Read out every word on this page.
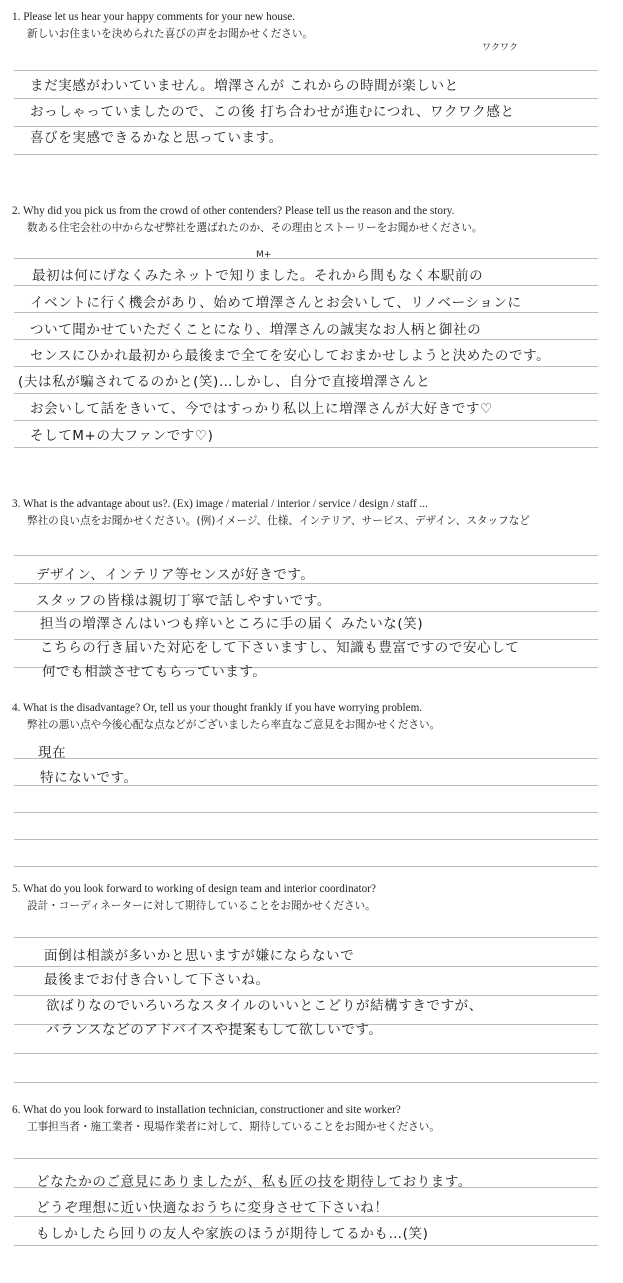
1. Please let us hear your happy comments for your new house.
新しいお住まいを決められた喜びの声をお聞かせください。
ワクワク
まだ実感がわいていません。増澤さんが これからの時間が楽しいと
おっしゃっていましたので、この後 打ち合わせが進むにつれ、ワクワク感と
喜びを実感できるかなと思っています。
2. Why did you pick us from the crowd of other contenders? Please tell us the reason and the story.
数ある住宅会社の中からなぜ弊社を選ばれたのか、その理由とストーリーをお聞かせください。
M+
最初は何にげなくみたネットで知りました。それから間もなく本駅前の
イベントに行く機会があり、始めて増澤さんとお会いして、リノベーションに
ついて聞かせていただくことになり、増澤さんの誠実なお人柄と御社の
センスにひかれ最初から最後まで全てを安心しておまかせしようと決めたのです。
(夫は私が騙されてるのかと(笑)…しかし、自分で直接増澤さんと
お会いして話をきいて、今ではすっかり私以上に増澤さんが大好きです♡
そしてM+の大ファンです♡)
3. What is the advantage about us?. (Ex) image / material / interior / service / design / staff ...
弊社の良い点をお聞かせください。(例)イメージ、仕様、インテリア、サービス、デザイン、スタッフなど
デザイン、インテリア等センスが好きです。
スタッフの皆様は親切丁寧で話しやすいです。
担当の増澤さんはいつも痒いところに手の届く みたいな(笑)
こちらの行き届いた対応をして下さいますし、知識も豊富ですので安心して
何でも相談させてもらっています。
4. What is the disadvantage? Or, tell us your thought frankly if you have worrying problem.
弊社の悪い点や今後心配な点などがございましたら率直なご意見をお聞かせください。
現在
特にないです。
5. What do you look forward to working of design team and interior coordinator?
設計・コーディネーターに対して期待していることをお聞かせください。
面倒は相談が多いかと思いますが嫌にならないで
最後までお付き合いして下さいね。
欲ばりなのでいろいろなスタイルのいいとこどりが結構すきですが、
バランスなどのアドバイスや提案もして欲しいです。
6. What do you look forward to installation technician, constructioner and site worker?
工事担当者・施工業者・現場作業者に対して、期待していることをお聞かせください。
どなたかのご意見にありましたが、私も匠の技を期待しております。
どうぞ理想に近い快適なおうちに変身させて下さいね！
もしかしたら回りの友人や家族のほうが期待してるかも…(笑)
